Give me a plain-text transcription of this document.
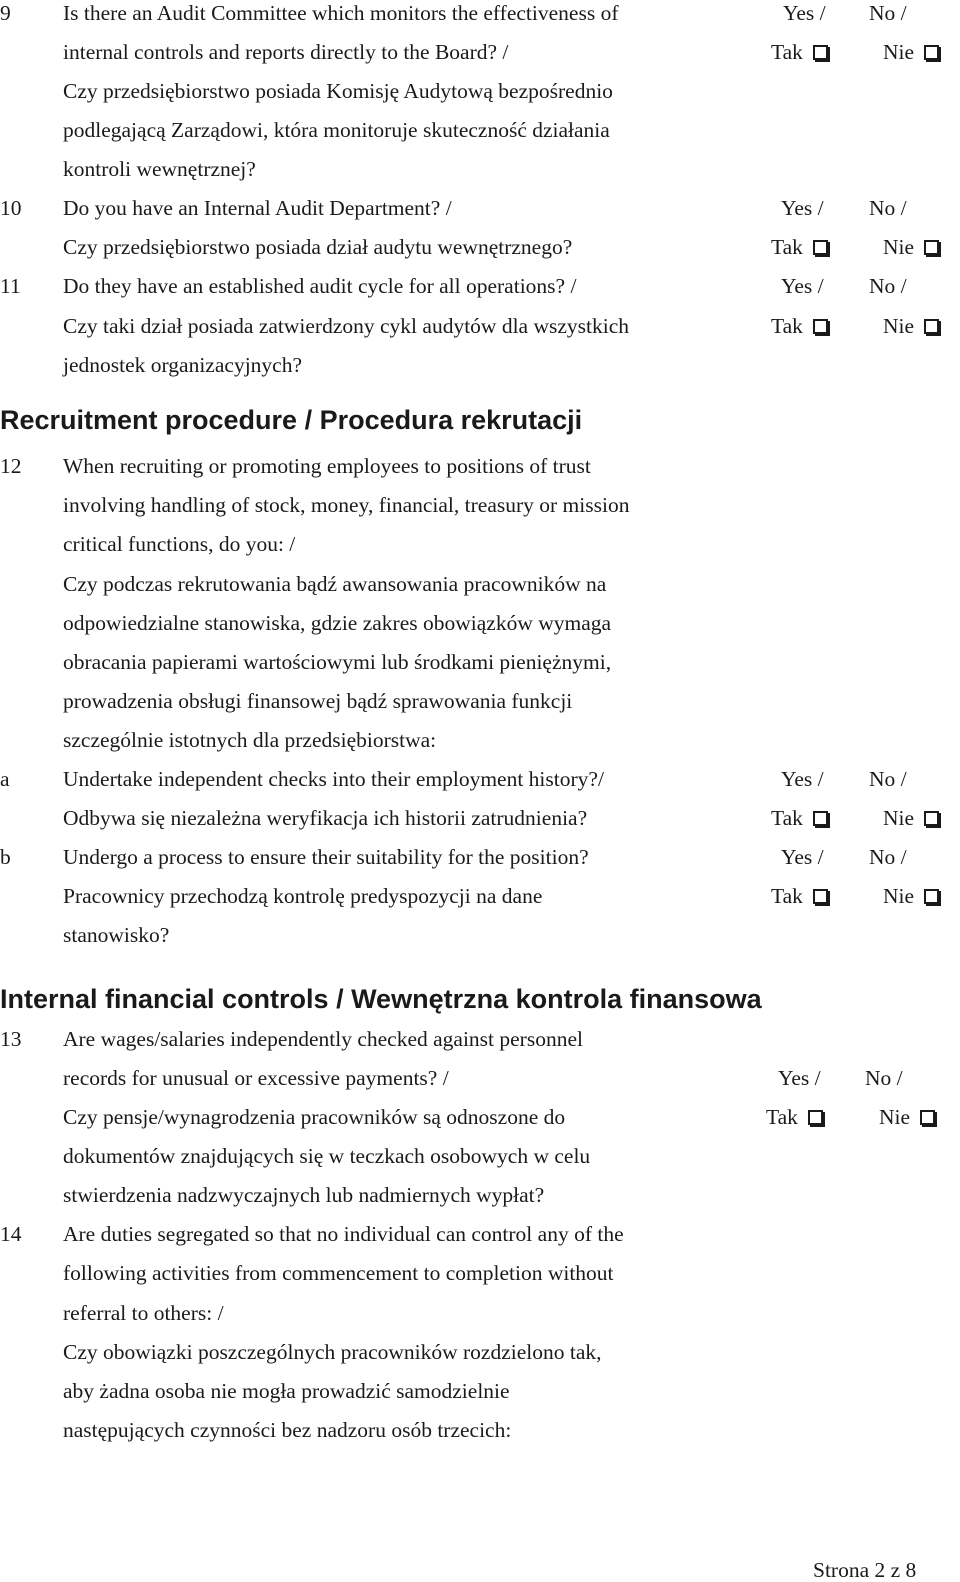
9 Is there an Audit Committee which monitors the effectiveness of	Yes / No /
internal controls and reports directly to the Board? /	Tak	Nie
Czy przedsiębiorstwo posiada Komisję Audytową bezpośrednio
podlegającą Zarządowi, która monitoruje skuteczność działania
kontroli wewnętrznej?
10 Do you have an Internal Audit Department? /	Yes / No /
Czy przedsiębiorstwo posiada dział audytu wewnętrznego?	Tak	Nie
11 Do they have an established audit cycle for all operations? /	Yes / No /
Czy taki dział posiada zatwierdzony cykl audytów dla wszystkich	Tak	Nie
jednostek organizacyjnych?
Recruitment procedure / Procedura rekrutacji
12 When recruiting or promoting employees to positions of trust
involving handling of stock, money, financial, treasury or mission
critical functions, do you: /
Czy podczas rekrutowania bądź awansowania pracowników na
odpowiedzialne stanowiska, gdzie zakres obowiązków wymaga
obracania papierami wartościowymi lub środkami pieniężnymi,
prowadzenia obsługi finansowej bądź sprawowania funkcji
szczególnie istotnych dla przedsiębiorstwa:
a Undertake independent checks into their employment history?/	Yes / No /
Odbywa się niezależna weryfikacja ich historii zatrudnienia?	Tak	Nie
b Undergo a process to ensure their suitability for the position?	Yes / No /
Pracownicy przechodzą kontrolę predyspozycji na dane	Tak	Nie
stanowisko?
Internal financial controls / Wewnętrzna kontrola finansowa
13 Are wages/salaries independently checked against personnel
records for unusual or excessive payments? /	Yes / No /
Czy pensje/wynagrodzenia pracowników są odnoszone do	Tak	Nie
dokumentów znajdujących się w teczkach osobowych w celu
stwierdzenia nadzwyczajnych lub nadmiernych wypłat?
14 Are duties segregated so that no individual can control any of the
following activities from commencement to completion without
referral to others: /
Czy obowiązki poszczególnych pracowników rozdzielono tak,
aby żadna osoba nie mogła prowadzić samodzielnie
następujących czynności bez nadzoru osób trzecich:
Strona 2 z 8
